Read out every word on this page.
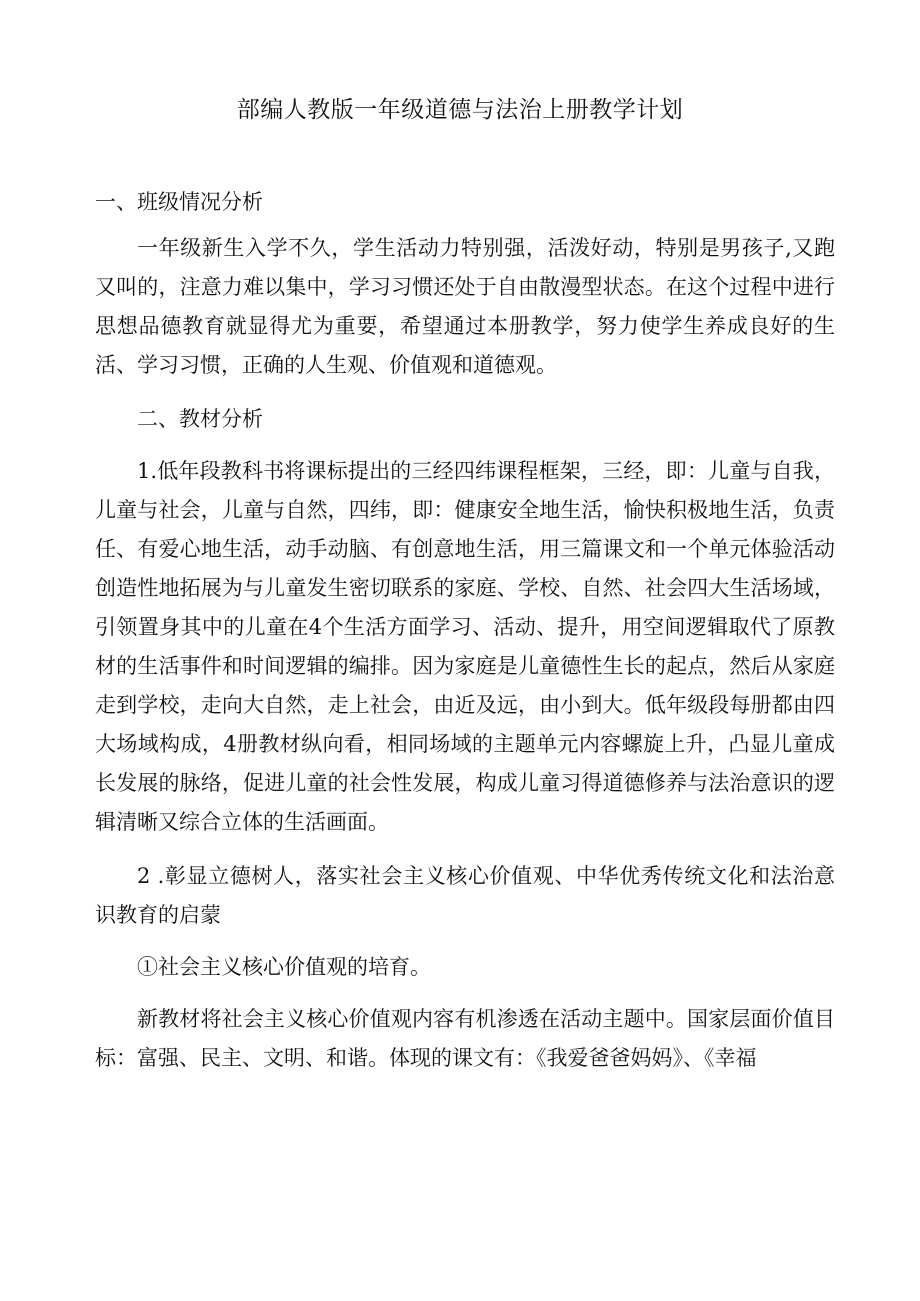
部编人教版一年级道德与法治上册教学计划

一、班级情况分析

一年级新生入学不久，学生活动力特别强，活泼好动，特别是男孩子,又跑又叫的，注意力难以集中，学习习惯还处于自由散漫型状态。在这个过程中进行思想品德教育就显得尤为重要，希望通过本册教学，努力使学生养成良好的生活、学习习惯，正确的人生观、价值观和道德观。

二、教材分析

1.低年段教科书将课标提出的三经四纬课程框架，三经，即：儿童与自我，儿童与社会，儿童与自然，四纬，即：健康安全地生活，愉快积极地生活，负责任、有爱心地生活，动手动脑、有创意地生活，用三篇课文和一个单元体验活动创造性地拓展为与儿童发生密切联系的家庭、学校、自然、社会四大生活场域，引领置身其中的儿童在4个生活方面学习、活动、提升，用空间逻辑取代了原教材的生活事件和时间逻辑的编排。因为家庭是儿童德性生长的起点，然后从家庭走到学校，走向大自然，走上社会，由近及远，由小到大。低年级段每册都由四大场域构成，4册教材纵向看，相同场域的主题单元内容螺旋上升，凸显儿童成长发展的脉络，促进儿童的社会性发展，构成儿童习得道德修养与法治意识的逻辑清晰又综合立体的生活画面。

2 .彰显立德树人，落实社会主义核心价值观、中华优秀传统文化和法治意识教育的启蒙

①社会主义核心价值观的培育。

新教材将社会主义核心价值观内容有机渗透在活动主题中。国家层面价值目标：富强、民主、文明、和谐。体现的课文有：《我爱爸爸妈妈》、《幸福
